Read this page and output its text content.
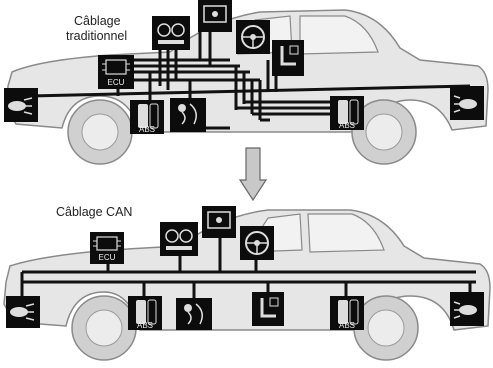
Câblage
traditionnel
Câblage CAN
ECU
ABS	ABS
ECU
ABS	ABS
